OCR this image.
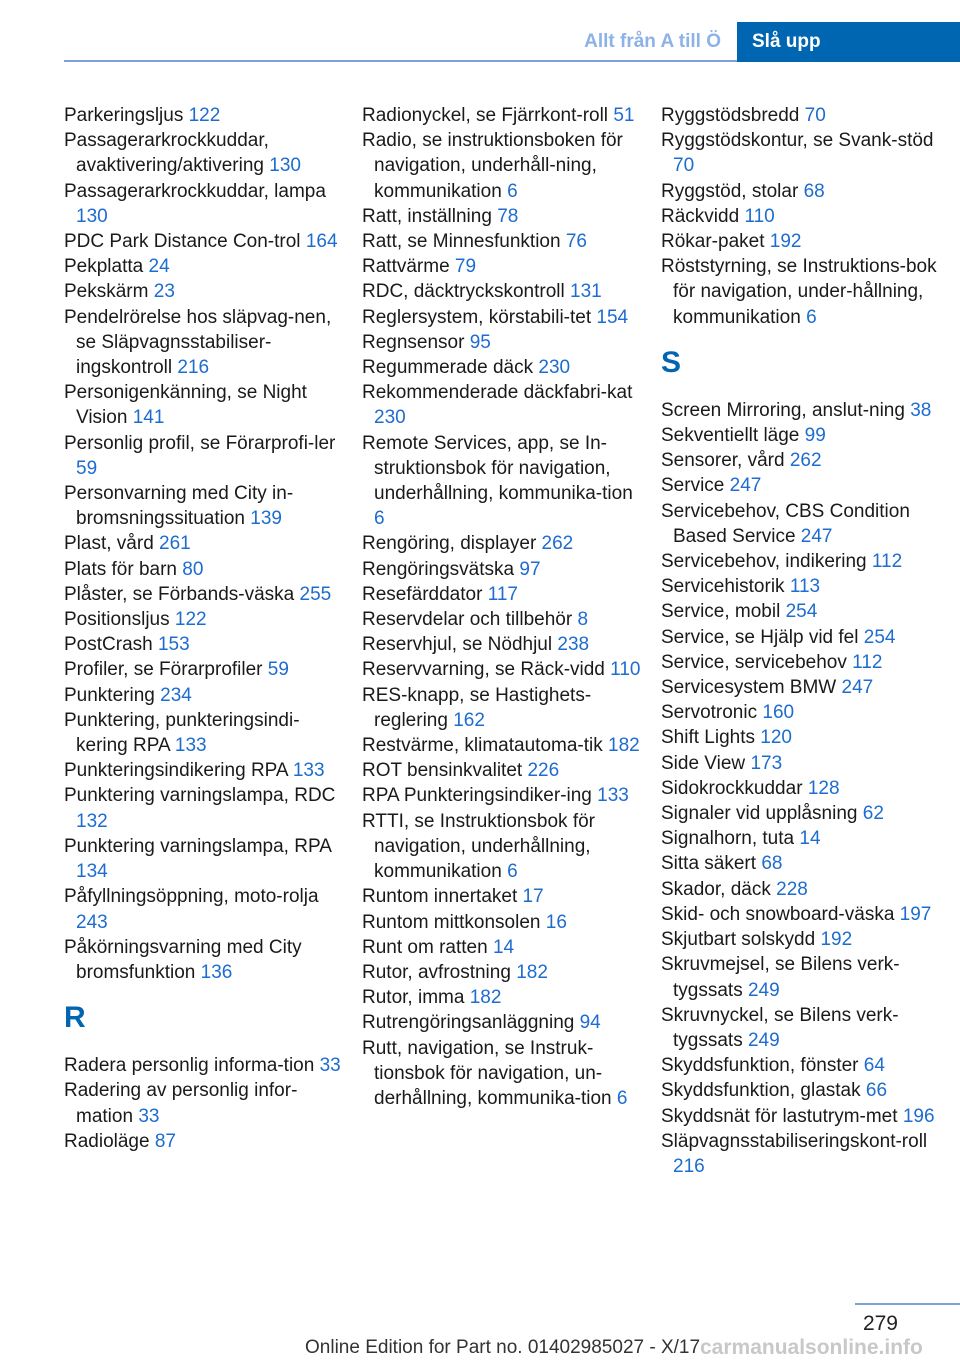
Allt från A till Ö	Slå upp
Parkeringsljus 122
Passagerarkrockkuddar, avaktivering/aktivering 130
Passagerarkrockkuddar, lampa 130
PDC Park Distance Con-trol 164
Pekplatta 24
Pekskärm 23
Pendelrörelse hos släpvag-nen, se Släpvagnsstabiliser-ingskontroll 216
Personigenkänning, se Night Vision 141
Personlig profil, se Förarprofi-ler 59
Personvarning med City in-bromsningssituation 139
Plast, vård 261
Plats för barn 80
Plåster, se Förbands-väska 255
Positionsljus 122
PostCrash 153
Profiler, se Förarprofiler 59
Punktering 234
Punktering, punkteringsindi-kering RPA 133
Punkteringsindikering RPA 133
Punktering varningslampa, RDC 132
Punktering varningslampa, RPA 134
Påfyllningsöppning, moto-rolja 243
Påkörningsvarning med City bromsfunktion 136
R
Radera personlig informa-tion 33
Radering av personlig infor-mation 33
Radioläge 87
Radionyckel, se Fjärrkont-roll 51
Radio, se instruktionsboken för navigation, underhåll-ning, kommunikation 6
Ratt, inställning 78
Ratt, se Minnesfunktion 76
Rattvärme 79
RDC, däcktryckskontroll 131
Reglersystem, körstabili-tet 154
Regnsensor 95
Regummerade däck 230
Rekommenderade däckfabri-kat 230
Remote Services, app, se In-struktionsbok för navigation, underhållning, kommunika-tion 6
Rengöring, displayer 262
Rengöringsvätska 97
Resefärddator 117
Reservdelar och tillbehör 8
Reservhjul, se Nödhjul 238
Reservvarning, se Räck-vidd 110
RES-knapp, se Hastighets-reglering 162
Restvärme, klimatautoma-tik 182
ROT bensinkvalitet 226
RPA Punkteringsindiker-ing 133
RTTI, se Instruktionsbok för navigation, underhållning, kommunikation 6
Runtom innertaket 17
Runtom mittkonsolen 16
Runt om ratten 14
Rutor, avfrostning 182
Rutor, imma 182
Rutrengöringsanläggning 94
Rutt, navigation, se Instruk-tionsbok för navigation, un-derhållning, kommunika-tion 6
Ryggstödsbredd 70
Ryggstödskontur, se Svank-stöd 70
Ryggstöd, stolar 68
Räckvidd 110
Rökar-paket 192
Röststyrning, se Instruktions-bok för navigation, under-hållning, kommunikation 6
S
Screen Mirroring, anslut-ning 38
Sekventiellt läge 99
Sensorer, vård 262
Service 247
Servicebehov, CBS Condition Based Service 247
Servicebehov, indikering 112
Servicehistorik 113
Service, mobil 254
Service, se Hjälp vid fel 254
Service, servicebehov 112
Servicesystem BMW 247
Servotronic 160
Shift Lights 120
Side View 173
Sidokrockkuddar 128
Signaler vid upplåsning 62
Signalhorn, tuta 14
Sitta säkert 68
Skador, däck 228
Skid- och snowboard-väska 197
Skjutbart solskydd 192
Skruvmejsel, se Bilens verk-tygssats 249
Skruvnyckel, se Bilens verk-tygssats 249
Skyddsfunktion, fönster 64
Skyddsfunktion, glastak 66
Skyddsnät för lastutrym-met 196
Släpvagnsstabiliseringskont-roll 216
279
Online Edition for Part no. 01402985027 - X/17 carmanualsonline.info
